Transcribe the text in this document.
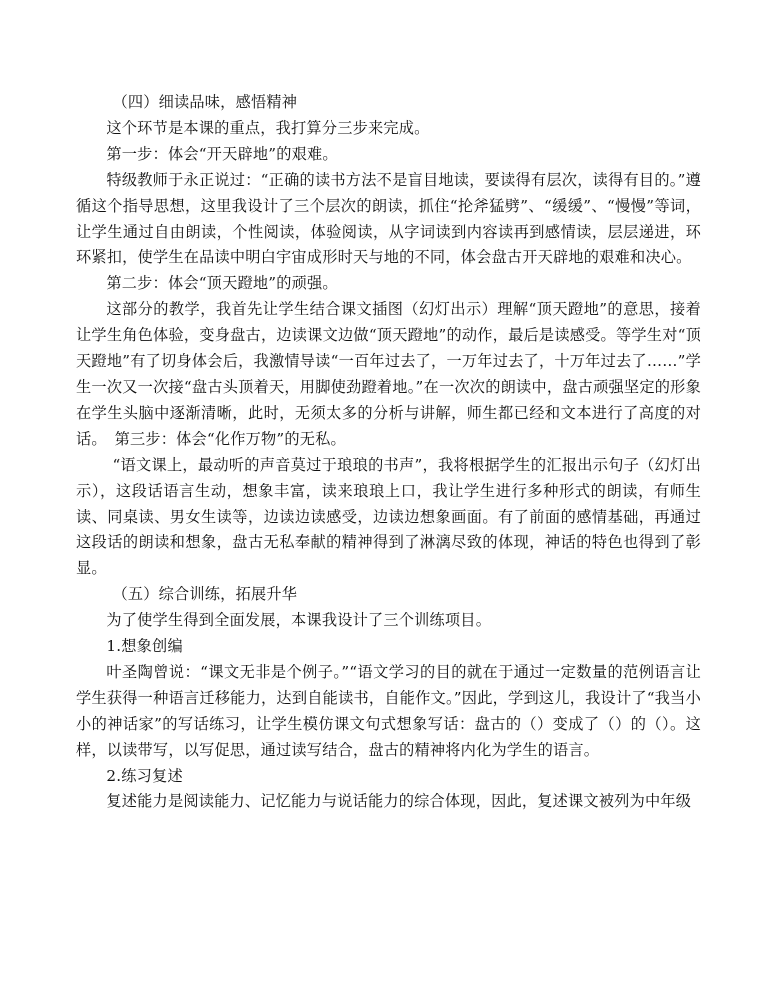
（四）细读品味，感悟精神

这个环节是本课的重点，我打算分三步来完成。

第一步：体会“开天辟地”的艰难。

特级教师于永正说过：“正确的读书方法不是盲目地读，要读得有层次，读得有目的。”遵循这个指导思想，这里我设计了三个层次的朗读，抓住“抡斧猛劈”、“缓缓”、“慢慢”等词，让学生通过自由朗读，个性阅读，体验阅读，从字词读到内容读再到感情读，层层递进，环环紧扣，使学生在品读中明白宇宙成形时天与地的不同，体会盘古开天辟地的艰难和决心。

第二步：体会“顶天蹬地”的顽强。

这部分的教学，我首先让学生结合课文插图（幻灯出示）理解“顶天蹬地”的意思，接着让学生角色体验，变身盘古，边读课文边做“顶天蹬地”的动作，最后是读感受。等学生对“顶天蹬地”有了切身体会后，我激情导读“一百年过去了，一万年过去了，十万年过去了……”学生一次又一次接“盘古头顶着天，用脚使劲蹬着地。”在一次次的朗读中，盘古顽强坚定的形象在学生头脑中逐渐清晰，此时，无须太多的分析与讲解，师生都已经和文本进行了高度的对话。　第三步：体会“化作万物”的无私。

“语文课上，最动听的声音莫过于琅琅的书声”，我将根据学生的汇报出示句子（幻灯出示），这段话语言生动，想象丰富，读来琅琅上口，我让学生进行多种形式的朗读，有师生读、同桌读、男女生读等，边读边读感受，边读边想象画面。有了前面的感情基础，再通过这段话的朗读和想象，盘古无私奉献的精神得到了淋漓尽致的体现，神话的特色也得到了彰显。

（五）综合训练，拓展升华

为了使学生得到全面发展，本课我设计了三个训练项目。

1.想象创编

叶圣陶曾说：“课文无非是个例子。”“语文学习的目的就在于通过一定数量的范例语言让学生获得一种语言迁移能力，达到自能读书，自能作文。”因此，学到这儿，我设计了“我当小小的神话家”的写话练习，让学生模仿课文句式想象写话：盘古的（）变成了（）的（）。这样，以读带写，以写促思，通过读写结合，盘古的精神将内化为学生的语言。

2.练习复述

复述能力是阅读能力、记忆能力与说话能力的综合体现，因此，复述课文被列为中年级
